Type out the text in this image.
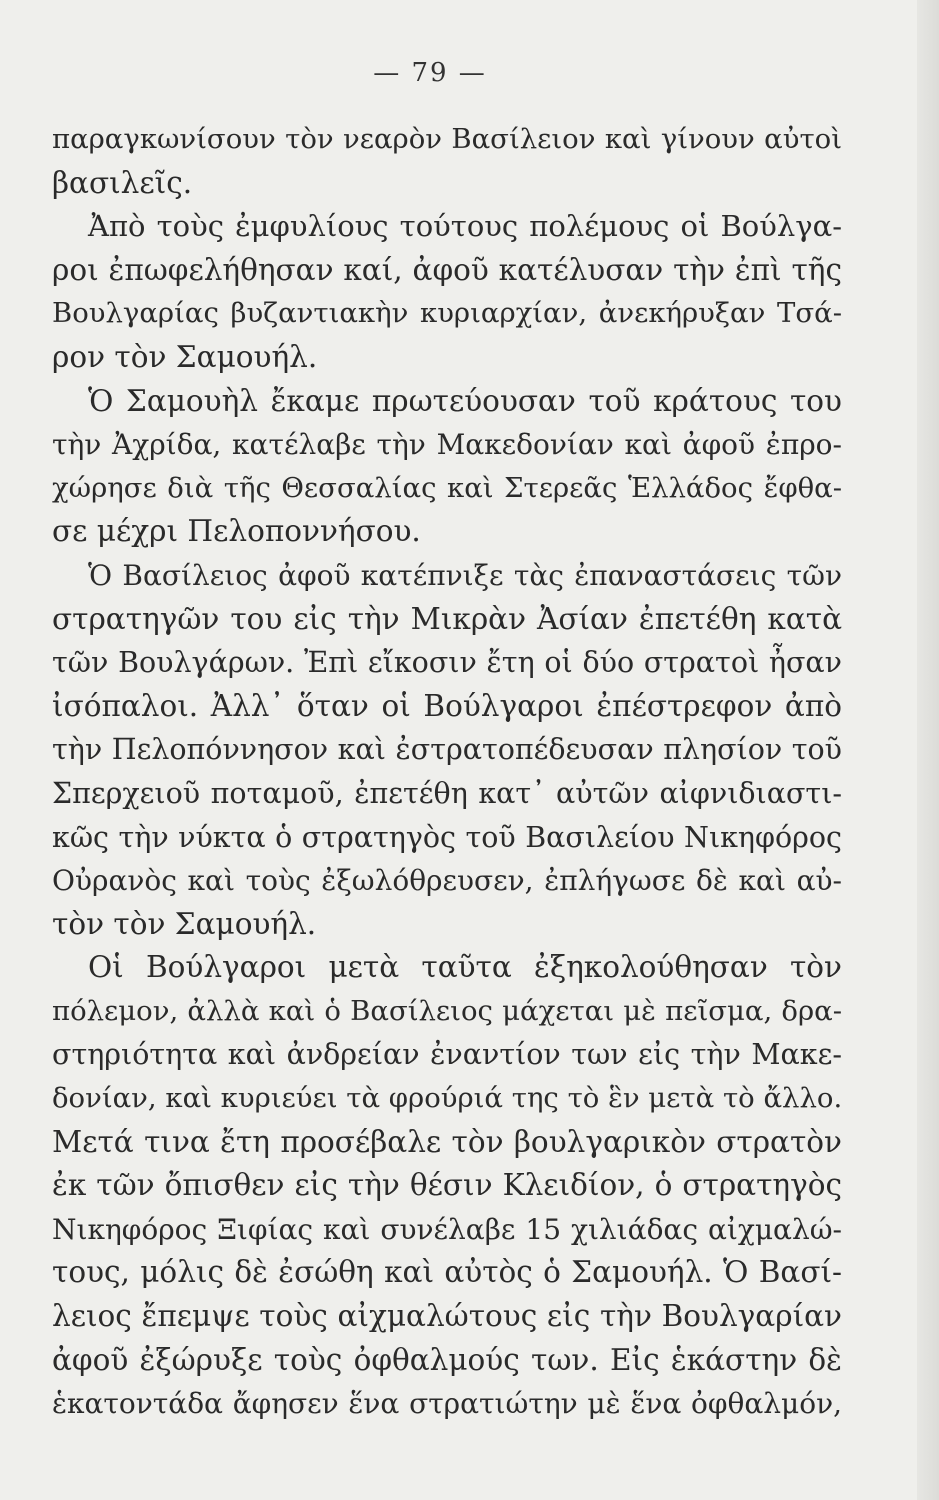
— 79 —
παραγκωνίσουν τὸν νεαρὸν Βασίλειον καὶ γίνουν αὐτοὶ
βασιλεῖς.
Ἀπὸ τοὺς ἐμφυλίους τούτους πολέμους οἱ Βούλγα-
ροι ἐπωφελήθησαν καί, ἀφοῦ κατέλυσαν τὴν ἐπὶ τῆς
Βουλγαρίας βυζαντιακὴν κυριαρχίαν, ἀνεκήρυξαν Τσά-
ρον τὸν Σαμουήλ.
Ὁ Σαμουὴλ ἔκαμε πρωτεύουσαν τοῦ κράτους του
τὴν Ἀχρίδα, κατέλαβε τὴν Μακεδονίαν καὶ ἀφοῦ ἐπρο-
χώρησε διὰ τῆς Θεσσαλίας καὶ Στερεᾶς Ἑλλάδος ἔφθα-
σε μέχρι Πελοποννήσου.
Ὁ Βασίλειος ἀφοῦ κατέπνιξε τὰς ἐπαναστάσεις τῶν
στρατηγῶν του εἰς τὴν Μικρὰν Ἀσίαν ἐπετέθη κατὰ
τῶν Βουλγάρων. Ἐπὶ εἴκοσιν ἔτη οἱ δύο στρατοὶ ἦσαν
ἰσόπαλοι. Ἀλλ᾽ ὅταν οἱ Βούλγαροι ἐπέστρεφον ἀπὸ
τὴν Πελοπόννησον καὶ ἐστρατοπέδευσαν πλησίον τοῦ
Σπερχειοῦ ποταμοῦ, ἐπετέθη κατ᾽ αὐτῶν αἰφνιδιαστι-
κῶς τὴν νύκτα ὁ στρατηγὸς τοῦ Βασιλείου Νικηφόρος
Οὐρανὸς καὶ τοὺς ἐξωλόθρευσεν, ἐπλήγωσε δὲ καὶ αὐ-
τὸν τὸν Σαμουήλ.
Οἱ Βούλγαροι μετὰ ταῦτα ἐξηκολούθησαν τὸν
πόλεμον, ἀλλὰ καὶ ὁ Βασίλειος μάχεται μὲ πεῖσμα, δρα-
στηριότητα καὶ ἀνδρείαν ἐναντίον των εἰς τὴν Μακε-
δονίαν, καὶ κυριεύει τὰ φρούριά της τὸ ἓν μετὰ τὸ ἄλλο.
Μετά τινα ἔτη προσέβαλε τὸν βουλγαρικὸν στρατὸν
ἐκ τῶν ὄπισθεν εἰς τὴν θέσιν Κλειδίον, ὁ στρατηγὸς
Νικηφόρος Ξιφίας καὶ συνέλαβε 15 χιλιάδας αἰχμαλώ-
τους, μόλις δὲ ἐσώθη καὶ αὐτὸς ὁ Σαμουήλ. Ὁ Βασί-
λειος ἔπεμψε τοὺς αἰχμαλώτους εἰς τὴν Βουλγαρίαν
ἀφοῦ ἐξώρυξε τοὺς ὀφθαλμούς των. Εἰς ἑκάστην δὲ
ἑκατοντάδα ἄφησεν ἕνα στρατιώτην μὲ ἕνα ὀφθαλμόν,
